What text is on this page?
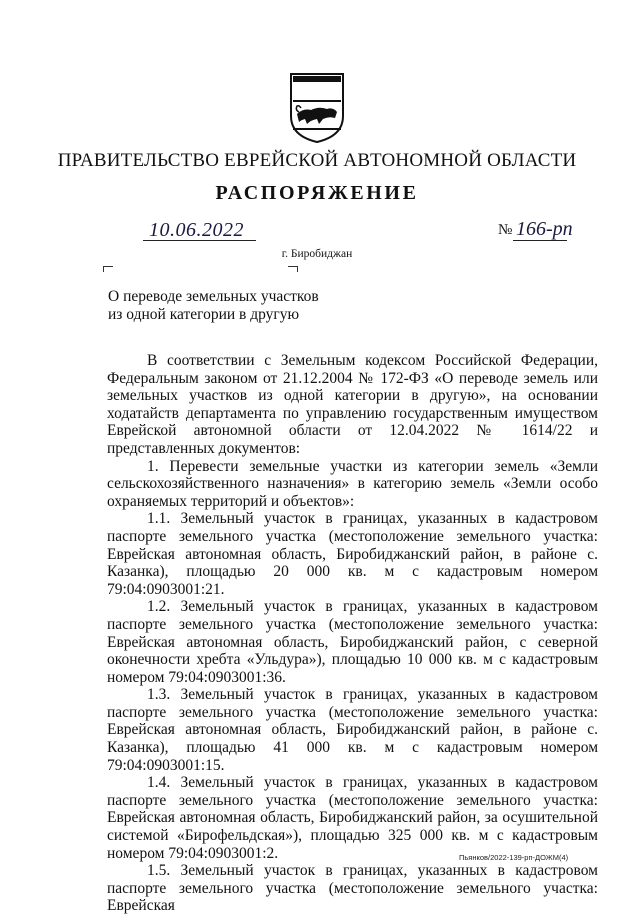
ПРАВИТЕЛЬСТВО ЕВРЕЙСКОЙ АВТОНОМНОЙ ОБЛАСТИ
РАСПОРЯЖЕНИЕ
10.06.2022	№ 166-рп
г. Биробиджан
О переводе земельных участков
из одной категории в другую

В соответствии с Земельным кодексом Российской Федерации, Федеральным законом от 21.12.2004 № 172-ФЗ «О переводе земель или земельных участков из одной категории в другую», на основании ходатайств департамента по управлению государственным имуществом Еврейской автономной области от 12.04.2022 № 1614/22 и представленных документов:

1. Перевести земельные участки из категории земель «Земли сельскохозяйственного назначения» в категорию земель «Земли особо охраняемых территорий и объектов»:

1.1. Земельный участок в границах, указанных в кадастровом паспорте земельного участка (местоположение земельного участка: Еврейская автономная область, Биробиджанский район, в районе с. Казанка), площадью 20 000 кв. м с кадастровым номером 79:04:0903001:21.

1.2. Земельный участок в границах, указанных в кадастровом паспорте земельного участка (местоположение земельного участка: Еврейская автономная область, Биробиджанский район, с северной оконечности хребта «Ульдура»), площадью 10 000 кв. м с кадастровым номером 79:04:0903001:36.

1.3. Земельный участок в границах, указанных в кадастровом паспорте земельного участка (местоположение земельного участка: Еврейская автономная область, Биробиджанский район, в районе с. Казанка), площадью 41 000 кв. м с кадастровым номером 79:04:0903001:15.

1.4. Земельный участок в границах, указанных в кадастровом паспорте земельного участка (местоположение земельного участка: Еврейская автономная область, Биробиджанский район, за осушительной системой «Бирофельдская»), площадью 325 000 кв. м с кадастровым номером 79:04:0903001:2.

1.5. Земельный участок в границах, указанных в кадастровом паспорте земельного участка (местоположение земельного участка: Еврейская

Пьянков/2022-139-рп-ДОЖМ(4)
